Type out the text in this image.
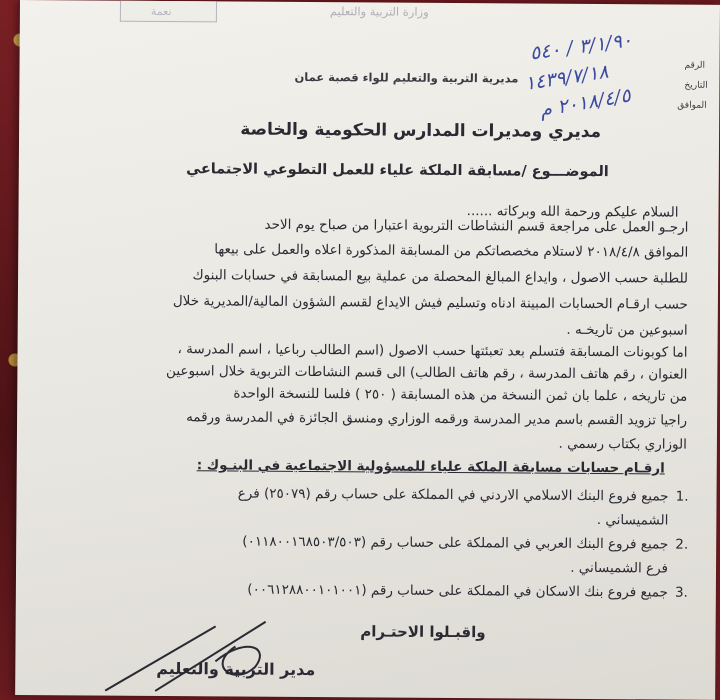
نعمة	وزارة التربية والتعليم
مديرية التربية والتعليم للواء قصبة عمان
الرقم
التاريخ
الموافق
٣/١/٩٠ / ٥٤٠
١٤٣٩/٧/١٨
٢٠١٨/٤/٥ م
مديري ومديرات المدارس الحكومية والخاصة
الموضـــوع /مسابقة الملكة علياء للعمل التطوعي الاجتماعي
السلام عليكم ورحمة الله وبركاته ......
ارجـو العمل على مراجعة قسم النشاطات التربوية اعتبارا من صباح يوم الاحد
الموافق ٢٠١٨/٤/٨ لاستلام مخصصاتكم من المسابقة المذكورة اعلاه والعمل على بيعها
للطلبة حسب الاصول ، وايداع المبالغ المحصلة من عملية بيع المسابقة في حسابات البنوك
حسب ارقـام الحسابات المبينة ادناه وتسليم فيش الايداع لقسم الشؤون المالية/المديرية خلال
اسبوعين من تاريخـه .
اما كوبونات المسابقة فتسلم بعد تعبئتها حسب الاصول (اسم الطالب رباعيا ، اسم المدرسة ،
العنوان ، رقم هاتف المدرسة ، رقم هاتف الطالب) الى قسم النشاطات التربوية خلال اسبوعين
من تاريخه ، علما بان ثمن النسخة من هذه المسابقة ( ٢٥٠ ) فلسا للنسخة الواحدة
راجيا تزويد القسم باسم مدير المدرسة ورقمه الوزاري ومنسق الجائزة في المدرسة ورقمه
الوزاري بكتاب رسمي .
ارقـام حسابات مسابقة الملكة علياء للمسؤولية الاجتماعية في البنـوك :
.1
جميع فروع البنك الاسلامي الاردني في المملكة على حساب رقم (٢٥٠٧٩) فرع
الشميساني .
.2
جميع فروع البنك العربي في المملكة على حساب رقم (٠١١٨٠٠١٦٨٥٠٣/٥٠٣)
فرع الشميساني .
.3
جميع فروع بنك الاسكان في المملكة على حساب رقم (٠٠٦١٢٨٨٠٠١٠١٠٠١)
واقبـلوا الاحتـرام
مدير التربية والتعليم
